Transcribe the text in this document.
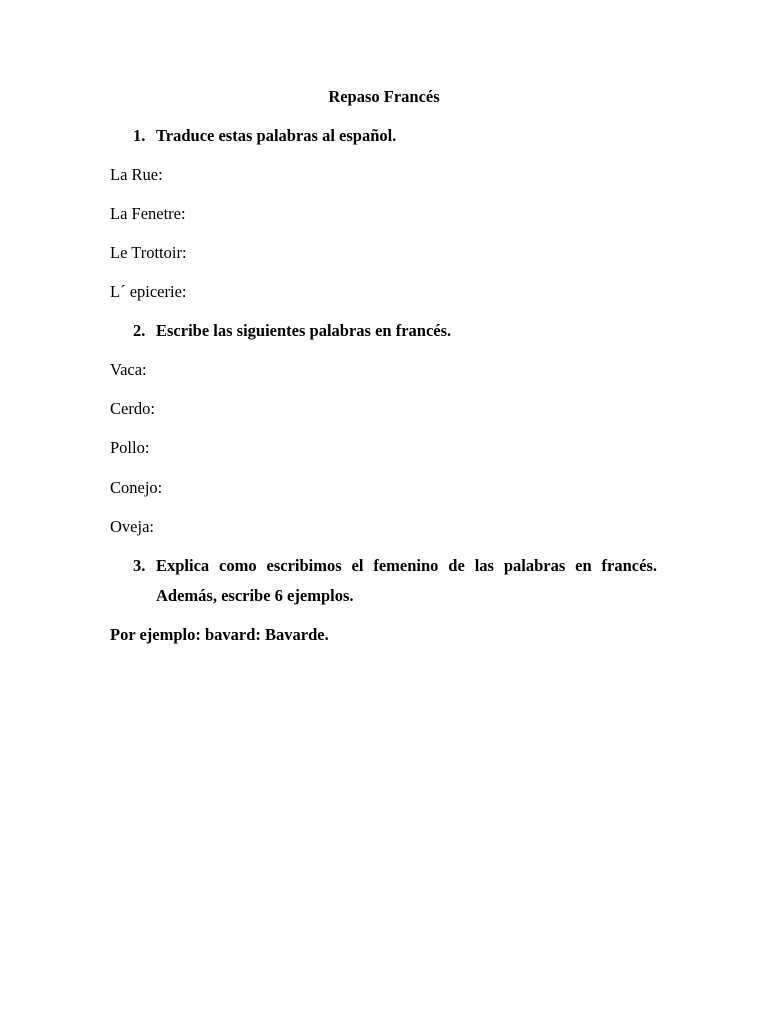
Repaso Francés
1. Traduce estas palabras al español.
La Rue:
La Fenetre:
Le Trottoir:
L´ epicerie:
2. Escribe las siguientes palabras en francés.
Vaca:
Cerdo:
Pollo:
Conejo:
Oveja:
3. Explica como escribimos el femenino de las palabras en francés. Además, escribe 6 ejemplos.
Por ejemplo: bavard: Bavarde.
